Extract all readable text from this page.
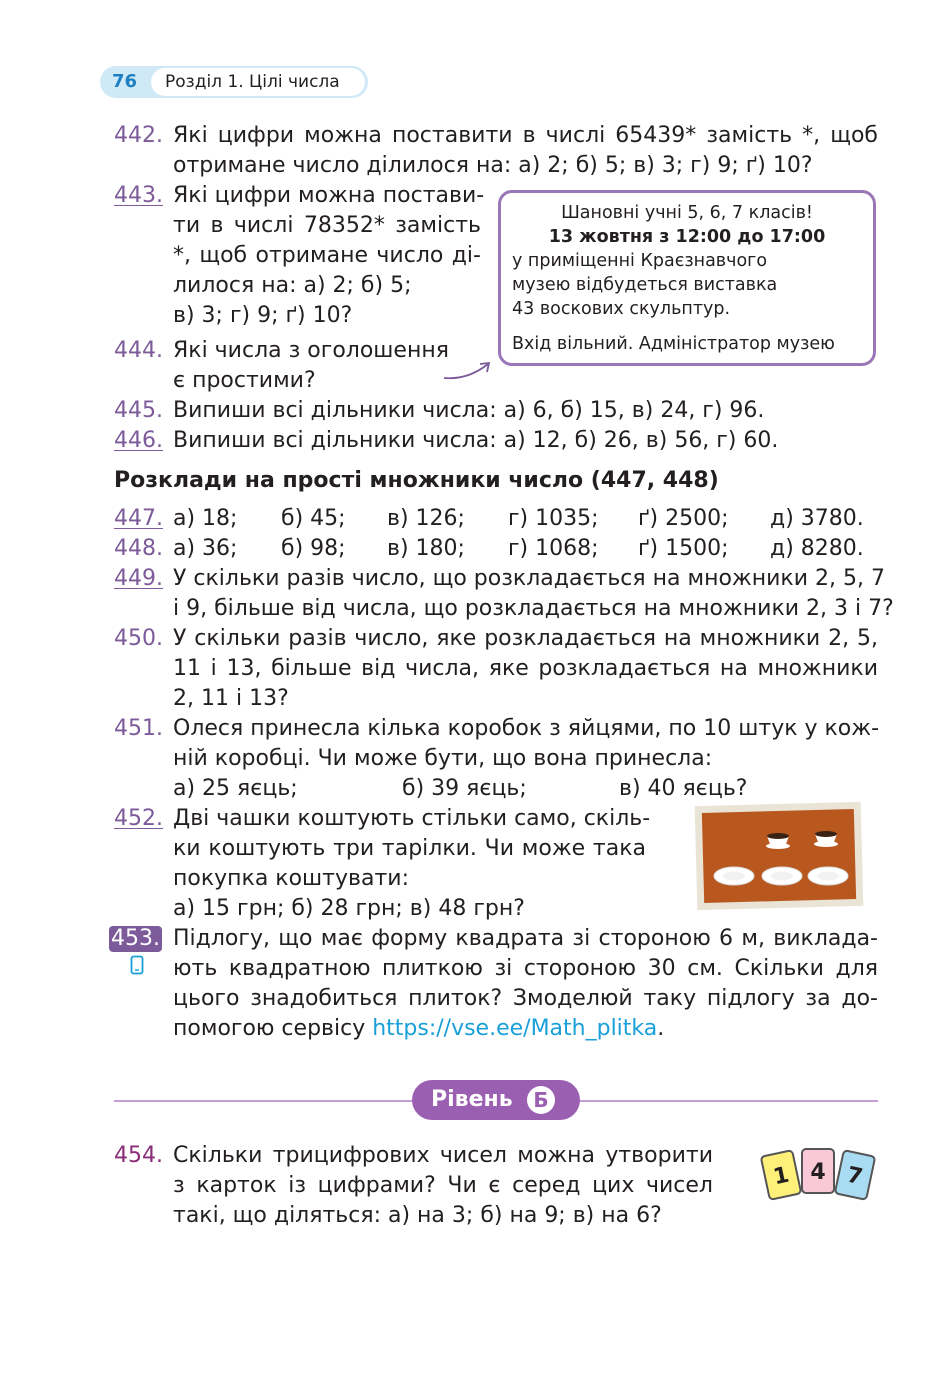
76	Розділ 1. Цілі числа
442. Які цифри можна поставити в числі 65439* замість *, щоб
отримане число ділилося на: а) 2; б) 5; в) 3; г) 9; ґ) 10?
443. Які цифри можна постави-
ти в числі 78352* замість
*, щоб отримане число ді-
лилося на: а) 2; б) 5;
в) 3; г) 9; ґ) 10?
Шановні учні 5, 6, 7 класів!
13 жовтня з 12:00 до 17:00
у приміщенні Краєзнавчого
музею відбудеться виставка
43 воскових скульптур.
Вхід вільний. Адміністратор музею
444. Які числа з оголошення
є простими?
445. Випиши всі дільники числа: а) 6, б) 15, в) 24, г) 96.
446. Випиши всі дільники числа: а) 12, б) 26, в) 56, г) 60.
Розклади на прості множники число (447, 448)
447. а) 18; б) 45; в) 126; г) 1035; ґ) 2500; д) 3780.
448. а) 36; б) 98; в) 180; г) 1068; ґ) 1500; д) 8280.
449. У скільки разів число, що розкладається на множники 2, 5, 7
і 9, більше від числа, що розкладається на множники 2, 3 і 7?
450. У скільки разів число, яке розкладається на множники 2, 5,
11 і 13, більше від числа, яке розкладається на множники
2, 11 і 13?
451. Олеся принесла кілька коробок з яйцями, по 10 штук у кож-
ній коробці. Чи може бути, що вона принесла:
а) 25 яєць;	б) 39 яєць;	в) 40 яєць?
452. Дві чашки коштують стільки само, скіль-
ки коштують три тарілки. Чи може така
покупка коштувати:
а) 15 грн; б) 28 грн; в) 48 грн?
453. Підлогу, що має форму квадрата зі стороною 6 м, виклада-
ють квадратною плиткою зі стороною 30 см. Скільки для
цього знадобиться плиток? Змоделюй таку підлогу за до-
помогою сервісу https://vse.ee/Math_plitka.
Рівень	Б
454. Скільки трицифрових чисел можна утворити
з карток із цифрами? Чи є серед цих чисел
такі, що діляться: а) на 3; б) на 9; в) на 6?
1 4 7
